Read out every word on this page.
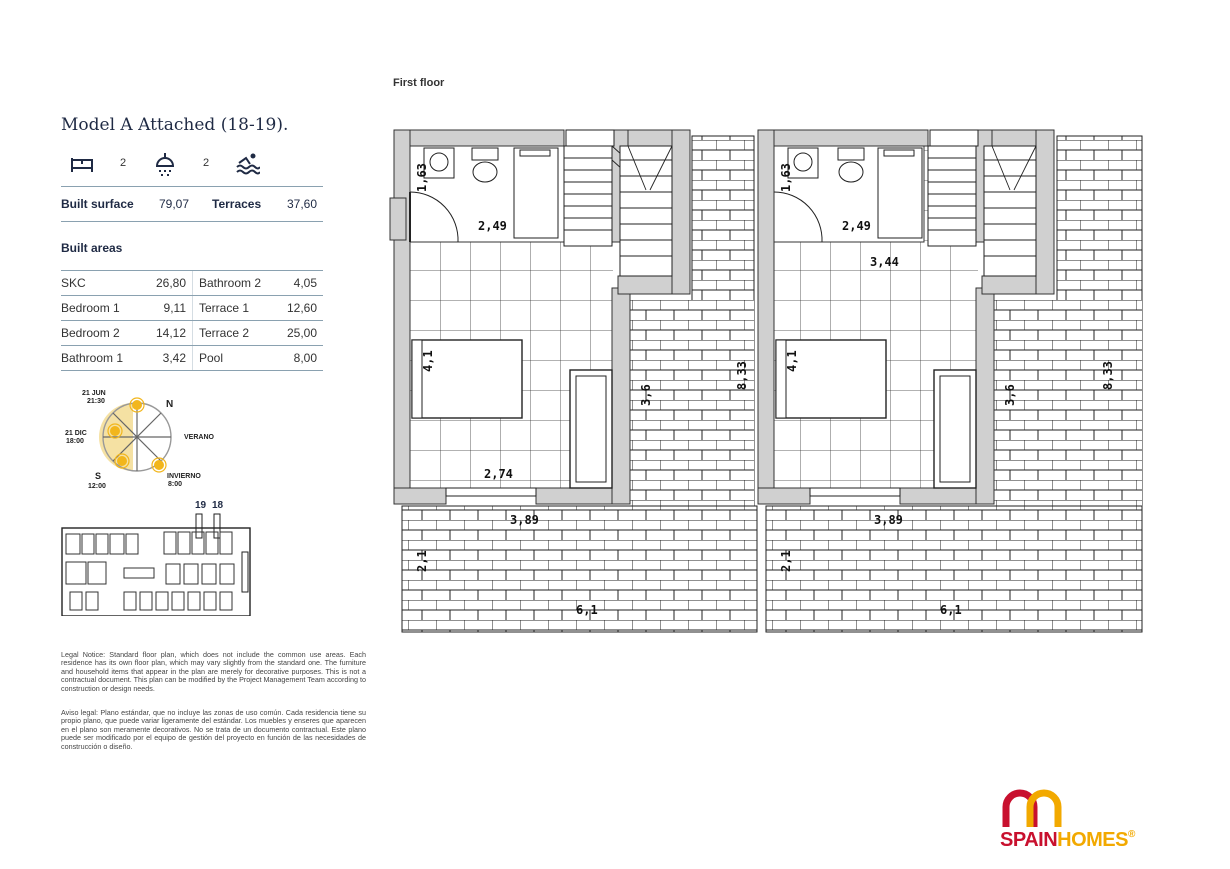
Model A Attached (18-19).
2	2
Built surface 79,07 Terraces 37,60
Built areas
SKC	26,80	Bathroom 2	4,05
Bedroom 1	9,11	Terrace 1	12,60
Bedroom 2	14,12	Terrace 2	25,00
Bathroom 1	3,42	Pool	8,00
21 JUN
21:30
21 DIC
18:00
VERANO
INVIERNO
8:00
S
12:00
N
19 18
Legal Notice: Standard floor plan, which does not include the common use areas. Each residence has its own floor plan, which may vary slightly from the standard one. The furniture and household items that appear in the plan are merely for decorative purposes. This is not a contractual document. This plan can be modified by the Project Management Team according to construction or design needs.
Aviso legal: Plano estándar, que no incluye las zonas de uso común. Cada residencia tiene su propio plano, que puede variar ligeramente del estándar. Los muebles y enseres que aparecen en el plano son meramente decorativos. No se trata de un documento contractual. Este plano puede ser modificado por el equipo de gestión del proyecto en función de las necesidades de construcción o diseño.
First floor
1,63
2,49
4,1
2,74
3,6
8,33
3,89
2,1
6,1
1,63
2,49
3,44
4,1
3,6
8,33
3,89
2,1
6,1
SPAINHOMES®
